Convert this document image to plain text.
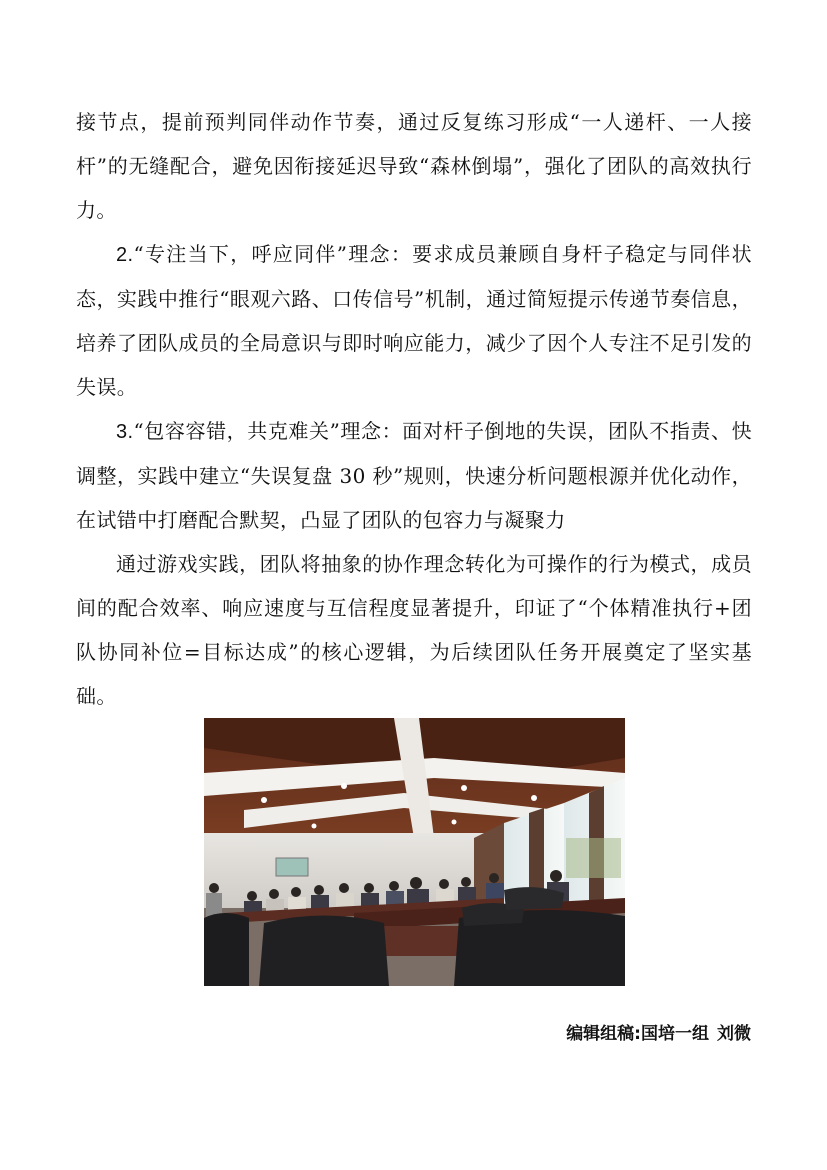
接节点，提前预判同伴动作节奏，通过反复练习形成“一人递杆、一人接杆”的无缝配合，避免因衔接延迟导致“森林倒塌”，强化了团队的高效执行力。

2.“专注当下，呼应同伴”理念：要求成员兼顾自身杆子稳定与同伴状态，实践中推行“眼观六路、口传信号”机制，通过简短提示传递节奏信息，培养了团队成员的全局意识与即时响应能力，减少了因个人专注不足引发的失误。

3.“包容容错，共克难关”理念：面对杆子倒地的失误，团队不指责、快调整，实践中建立“失误复盘 30 秒”规则，快速分析问题根源并优化动作，在试错中打磨配合默契，凸显了团队的包容力与凝聚力

通过游戏实践，团队将抽象的协作理念转化为可操作的行为模式，成员间的配合效率、响应速度与互信程度显著提升，印证了“个体精准执行+团队协同补位=目标达成”的核心逻辑，为后续团队任务开展奠定了坚实基础。

编辑组稿:国培一组 刘微
